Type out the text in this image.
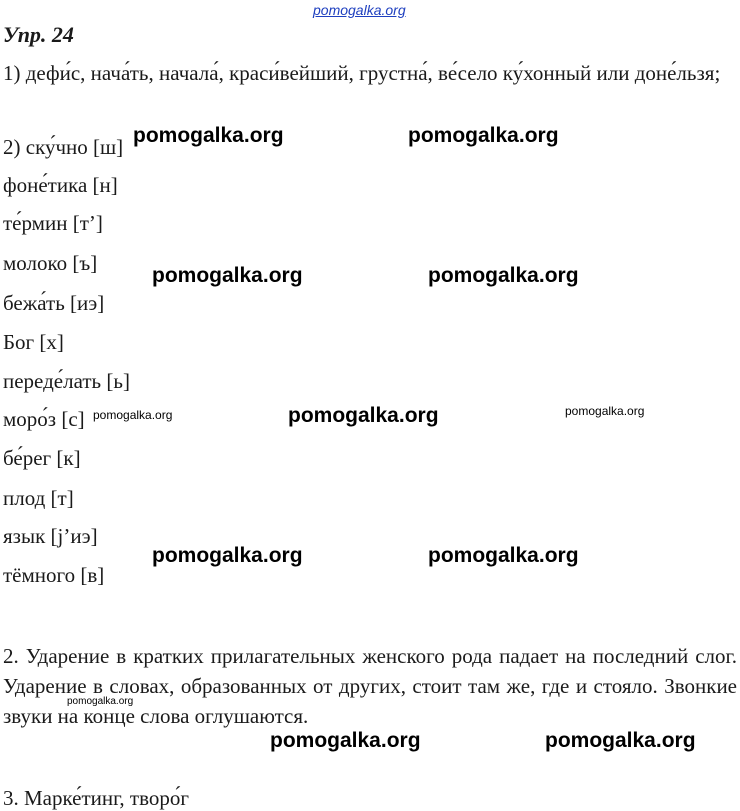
pomogalka.org
Упр. 24
1) дефи́с, нача́ть, начала́, краси́вейший, грустна́, ве́село ку́хонный или доне́льзя;
2) ску́чно [ш]
фоне́тика [н]
те́рмин [т’]
молоко [ъ]
бежа́ть [иэ]
Бог [х]
переде́лать [ь]
моро́з [с]
бе́рег [к]
плод [т]
язык [j’иэ]
тёмного [в]
2. Ударение в кратких прилагательных женского рода падает на последний слог. Ударение в словах, образованных от других, стоит там же, где и стояло. Звонкие звуки на конце слова оглушаются.
3. Марке́тинг, творо́г
pomogalka.org	pomogalka.org
pomogalka.org	pomogalka.org
pomogalka.org	pomogalka.org	pomogalka.org
pomogalka.org	pomogalka.org
pomogalka.org
pomogalka.org	pomogalka.org
